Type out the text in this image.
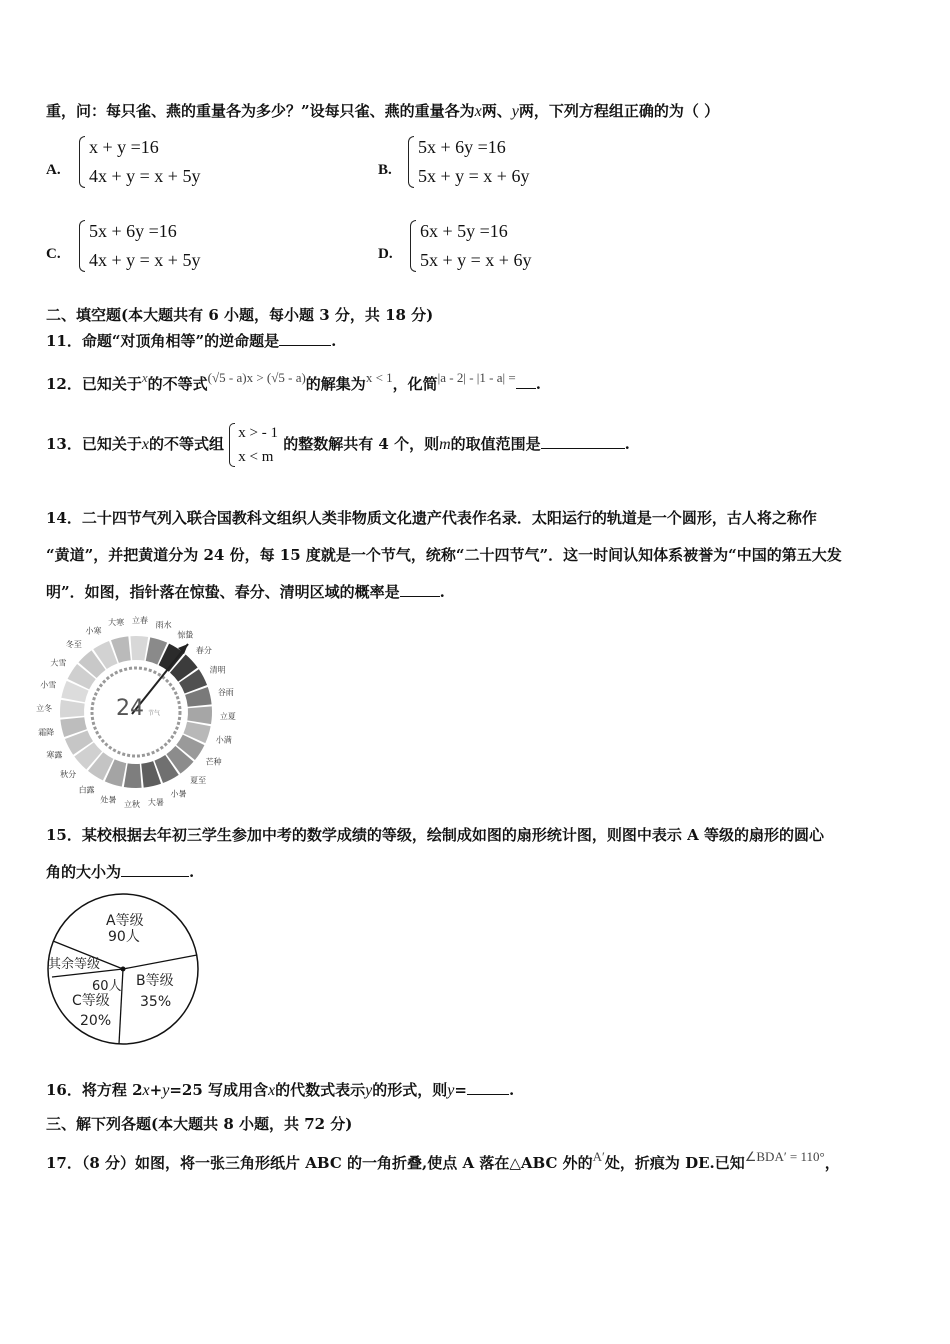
重，问：每只雀、燕的重量各为多少？”设每只雀、燕的重量各为x两、y两，下列方程组正确的为（ ）
A.
x + y =16
4x + y = x + 5y	B.
5x + 6y =16
5x + y = x + 6y
C.
5x + 6y =16
4x + y = x + 5y	D.
6x + 5y =16
5x + y = x + 6y
二、填空题(本大题共有 6 小题，每小题 3 分，共 18 分)
11．命题“对顶角相等”的逆命题是	.
12．已知关于x的不等式(√5 - a)x > (√5 - a)的解集为x < 1，化简|a - 2| - |1 - a| = .
13．已知关于x的不等式组
x > - 1
x < m
的整数解共有 4 个，则m的取值范围是	.
14．二十四节气列入联合国教科文组织人类非物质文化遗产代表作名录．太阳运行的轨道是一个圆形，古人将之称作
“黄道”，并把黄道分为 24 份，每 15 度就是一个节气，统称“二十四节气”．这一时间认知体系被誉为“中国的第五大发
明”．如图，指针落在惊蛰、春分、清明区域的概率是	.
雨水
惊蛰
春分
清明
谷雨
立夏
小满
芒种
夏至
小暑
大暑
立秋
处暑
白露
秋分
寒露
霜降
立冬
小雪
大雪
冬至
小寒
大寒 立春
24 节气
15．某校根据去年初三学生参加中考的数学成绩的等级，绘制成如图的扇形统计图，则图中表示 A 等级的扇形的圆心
角的大小为	.
A等级
90人
B等级
35%
其余等级
60人
C等级
20%
16．将方程 2x+y=25 写成用含x的代数式表示y的形式，则y=	.
三、解下列各题(本大题共 8 小题，共 72 分)
17．（8 分）如图，将一张三角形纸片 ABC 的一角折叠,使点 A 落在△ABC 外的A′处，折痕为 DE.已知∠BDA′ = 110°，
